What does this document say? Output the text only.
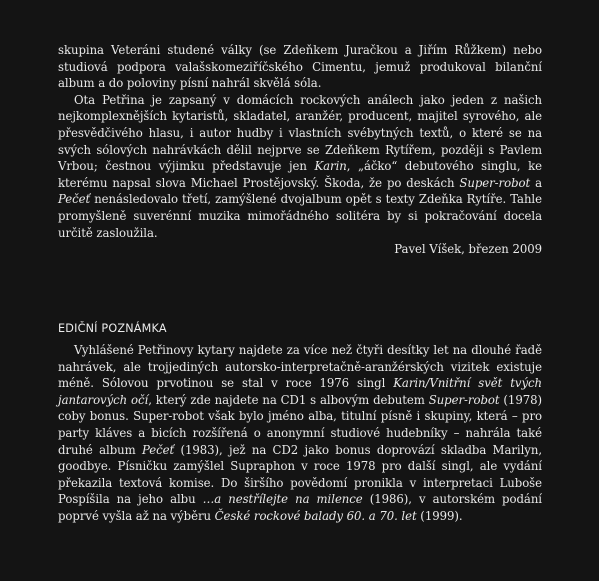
skupina Veteráni studené války (se Zdeňkem Juračkou a Jiřím Růžkem) nebo studiová podpora valašskomeziříčského Cimentu, jemuž produkoval bilanční album a do poloviny písní nahrál skvělá sóla.

Ota Petřina je zapsaný v domácích rockových análech jako jeden z našich nejkomplexnějších kytaristů, skladatel, aranžér, producent, majitel syrového, ale přesvědčivého hlasu, i autor hudby i vlastních svébytných textů, o které se na svých sólových nahrávkách dělil nejprve se Zdeňkem Rytířem, později s Pavlem Vrbou; čestnou výjimku představuje jen Karin, „áčko“ debutového singlu, ke kterému napsal slova Michael Prostějovský. Škoda, že po deskách Super-robot a Pečeť nenásledovalo třetí, zamýšlené dvojalbum opět s texty Zdeňka Rytíře. Tahle promyšleně suverénní muzika mimořádného solitéra by si pokračování docela určitě zasloužila.

Pavel Víšek, březen 2009

EDIČNÍ POZNÁMKA

Vyhlášené Petřinovy kytary najdete za více než čtyři desítky let na dlouhé řadě nahrávek, ale trojjediných autorsko-interpretačně-aranžérských vizitek existuje méně. Sólovou prvotinou se stal v roce 1976 singl Karin/Vnitřní svět tvých jantarových očí, který zde najdete na CD1 s albovým debutem Super-robot (1978) coby bonus. Super-robot však bylo jméno alba, titulní písně i skupiny, která – pro party kláves a bicích rozšířená o anonymní studiové hudebníky – nahrála také druhé album Pečeť (1983), jež na CD2 jako bonus doprovází skladba Marilyn, goodbye. Písničku zamýšlel Supraphon v roce 1978 pro další singl, ale vydání překazila textová komise. Do širšího povědomí pronikla v interpretaci Luboše Pospíšila na jeho albu …a nestřílejte na milence (1986), v autorském podání poprvé vyšla až na výběru České rockové balady 60. a 70. let (1999).
